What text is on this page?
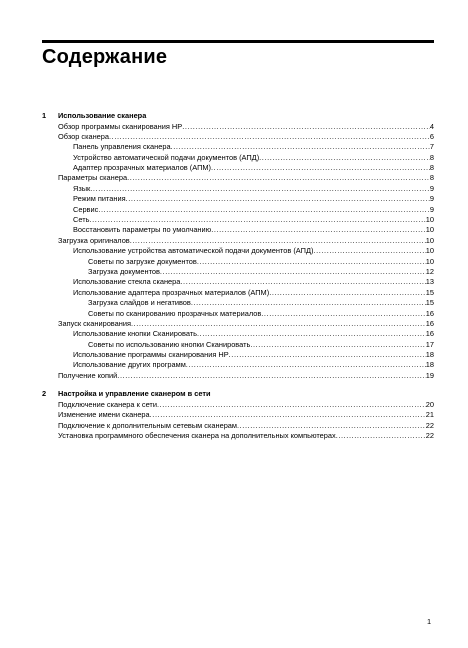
Содержание
1 Использование сканера
Обзор программы сканирования HP .....	4
Обзор сканера .....	6
Панель управления сканера .....	7
Устройство автоматической подачи документов (АПД) .....	8
Адаптер прозрачных материалов (АПМ) .....	8
Параметры сканера .....	8
Язык .....	9
Режим питания .....	9
Сервис .....	9
Сеть .....	10
Восстановить параметры по умолчанию .....	10
Загрузка оригиналов .....	10
Использование устройства автоматической подачи документов (АПД) .....	10
Советы по загрузке документов .....	10
Загрузка документов .....	12
Использование стекла сканера .....	13
Использование адаптера прозрачных материалов (АПМ) .....	15
Загрузка слайдов и негативов .....	15
Советы по сканированию прозрачных материалов .....	16
Запуск сканирования .....	16
Использование кнопки Сканировать .....	16
Советы по использованию кнопки Сканировать .....	17
Использование программы сканирования HP .....	18
Использование других программ .....	18
Получение копий .....	19
2 Настройка и управление сканером в сети
Подключение сканера к сети .....	20
Изменение имени сканера .....	21
Подключение к дополнительным сетевым сканерам .....	22
Установка программного обеспечения сканера на дополнительных компьютерах .....	22
1
